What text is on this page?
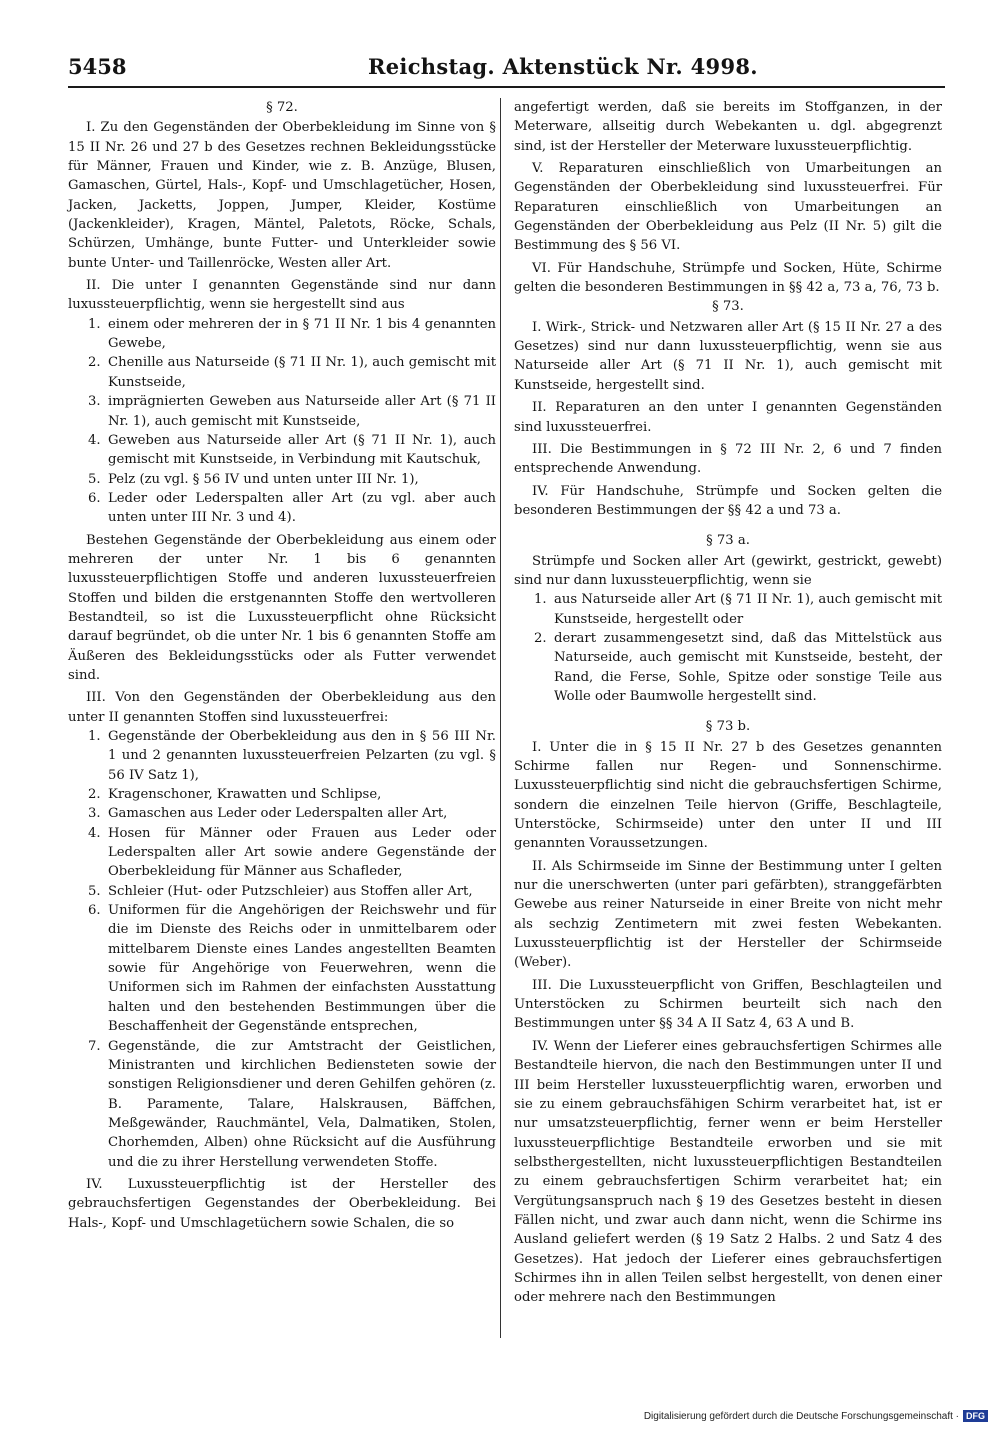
5458	Reichstag. Aktenstück Nr. 4998.

§ 72.

I. Zu den Gegenständen der Oberbekleidung im Sinne von § 15 II Nr. 26 und 27 b des Gesetzes rechnen Bekleidungsstücke für Männer, Frauen und Kinder, wie z. B. Anzüge, Blusen, Gamaschen, Gürtel, Hals-, Kopf- und Umschlagetücher, Hosen, Jacken, Jacketts, Joppen, Jumper, Kleider, Kostüme (Jackenkleider), Kragen, Mäntel, Paletots, Röcke, Schals, Schürzen, Umhänge, bunte Futter- und Unterkleider sowie bunte Unter- und Taillenröcke, Westen aller Art.

II. Die unter I genannten Gegenstände sind nur dann luxussteuerpflichtig, wenn sie hergestellt sind aus

1. einem oder mehreren der in § 71 II Nr. 1 bis 4 genannten Gewebe,
2. Chenille aus Naturseide (§ 71 II Nr. 1), auch gemischt mit Kunstseide,
3. imprägnierten Geweben aus Naturseide aller Art (§ 71 II Nr. 1), auch gemischt mit Kunstseide,
4. Geweben aus Naturseide aller Art (§ 71 II Nr. 1), auch gemischt mit Kunstseide, in Verbindung mit Kautschuk,
5. Pelz (zu vgl. § 56 IV und unten unter III Nr. 1),
6. Leder oder Lederspalten aller Art (zu vgl. aber auch unten unter III Nr. 3 und 4).

Bestehen Gegenstände der Oberbekleidung aus einem oder mehreren der unter Nr. 1 bis 6 genannten luxussteuerpflichtigen Stoffe und anderen luxussteuerfreien Stoffen und bilden die erstgenannten Stoffe den wertvolleren Bestandteil, so ist die Luxussteuerpflicht ohne Rücksicht darauf begründet, ob die unter Nr. 1 bis 6 genannten Stoffe am Äußeren des Bekleidungsstücks oder als Futter verwendet sind.

III. Von den Gegenständen der Oberbekleidung aus den unter II genannten Stoffen sind luxussteuerfrei:

1. Gegenstände der Oberbekleidung aus den in § 56 III Nr. 1 und 2 genannten luxussteuerfreien Pelzarten (zu vgl. § 56 IV Satz 1),
2. Kragenschoner, Krawatten und Schlipse,
3. Gamaschen aus Leder oder Lederspalten aller Art,
4. Hosen für Männer oder Frauen aus Leder oder Lederspalten aller Art sowie andere Gegenstände der Oberbekleidung für Männer aus Schafleder,
5. Schleier (Hut- oder Putzschleier) aus Stoffen aller Art,
6. Uniformen für die Angehörigen der Reichswehr und für die im Dienste des Reichs oder in unmittelbarem oder mittelbarem Dienste eines Landes angestellten Beamten sowie für Angehörige von Feuerwehren, wenn die Uniformen sich im Rahmen der einfachsten Ausstattung halten und den bestehenden Bestimmungen über die Beschaffenheit der Gegenstände entsprechen,
7. Gegenstände, die zur Amtstracht der Geistlichen, Ministranten und kirchlichen Bediensteten sowie der sonstigen Religionsdiener und deren Gehilfen gehören (z. B. Paramente, Talare, Halskrausen, Bäffchen, Meßgewänder, Rauchmäntel, Vela, Dalmatiken, Stolen, Chorhemden, Alben) ohne Rücksicht auf die Ausführung und die zu ihrer Herstellung verwendeten Stoffe.

IV. Luxussteuerpflichtig ist der Hersteller des gebrauchsfertigen Gegenstandes der Oberbekleidung. Bei Hals-, Kopf- und Umschlagetüchern sowie Schalen, die so

angefertigt werden, daß sie bereits im Stoffganzen, in der Meterware, allseitig durch Webekanten u. dgl. abgegrenzt sind, ist der Hersteller der Meterware luxussteuerpflichtig.

V. Reparaturen einschließlich von Umarbeitungen an Gegenständen der Oberbekleidung sind luxussteuerfrei. Für Reparaturen einschließlich von Umarbeitungen an Gegenständen der Oberbekleidung aus Pelz (II Nr. 5) gilt die Bestimmung des § 56 VI.

VI. Für Handschuhe, Strümpfe und Socken, Hüte, Schirme gelten die besonderen Bestimmungen in §§ 42 a, 73 a, 76, 73 b.

§ 73.

I. Wirk-, Strick- und Netzwaren aller Art (§ 15 II Nr. 27 a des Gesetzes) sind nur dann luxussteuerpflichtig, wenn sie aus Naturseide aller Art (§ 71 II Nr. 1), auch gemischt mit Kunstseide, hergestellt sind.

II. Reparaturen an den unter I genannten Gegenständen sind luxussteuerfrei.

III. Die Bestimmungen in § 72 III Nr. 2, 6 und 7 finden entsprechende Anwendung.

IV. Für Handschuhe, Strümpfe und Socken gelten die besonderen Bestimmungen der §§ 42 a und 73 a.

§ 73 a.

Strümpfe und Socken aller Art (gewirkt, gestrickt, gewebt) sind nur dann luxussteuerpflichtig, wenn sie

1. aus Naturseide aller Art (§ 71 II Nr. 1), auch gemischt mit Kunstseide, hergestellt oder
2. derart zusammengesetzt sind, daß das Mittelstück aus Naturseide, auch gemischt mit Kunstseide, besteht, der Rand, die Ferse, Sohle, Spitze oder sonstige Teile aus Wolle oder Baumwolle hergestellt sind.

§ 73 b.

I. Unter die in § 15 II Nr. 27 b des Gesetzes genannten Schirme fallen nur Regen- und Sonnenschirme. Luxussteuerpflichtig sind nicht die gebrauchsfertigen Schirme, sondern die einzelnen Teile hiervon (Griffe, Beschlagteile, Unterstöcke, Schirmseide) unter den unter II und III genannten Voraussetzungen.

II. Als Schirmseide im Sinne der Bestimmung unter I gelten nur die unerschwerten (unter pari gefärbten), stranggefärbten Gewebe aus reiner Naturseide in einer Breite von nicht mehr als sechzig Zentimetern mit zwei festen Webekanten. Luxussteuerpflichtig ist der Hersteller der Schirmseide (Weber).

III. Die Luxussteuerpflicht von Griffen, Beschlagteilen und Unterstöcken zu Schirmen beurteilt sich nach den Bestimmungen unter §§ 34 A II Satz 4, 63 A und B.

IV. Wenn der Lieferer eines gebrauchsfertigen Schirmes alle Bestandteile hiervon, die nach den Bestimmungen unter II und III beim Hersteller luxussteuerpflichtig waren, erworben und sie zu einem gebrauchsfähigen Schirm verarbeitet hat, ist er nur umsatzsteuerpflichtig, ferner wenn er beim Hersteller luxussteuerpflichtige Bestandteile erworben und sie mit selbsthergestellten, nicht luxussteuerpflichtigen Bestandteilen zu einem gebrauchsfertigen Schirm verarbeitet hat; ein Vergütungsanspruch nach § 19 des Gesetzes besteht in diesen Fällen nicht, und zwar auch dann nicht, wenn die Schirme ins Ausland geliefert werden (§ 19 Satz 2 Halbs. 2 und Satz 4 des Gesetzes). Hat jedoch der Lieferer eines gebrauchsfertigen Schirmes ihn in allen Teilen selbst hergestellt, von denen einer oder mehrere nach den Bestimmungen

Digitalisierung gefördert durch die Deutsche Forschungsgemeinschaft · DFG
